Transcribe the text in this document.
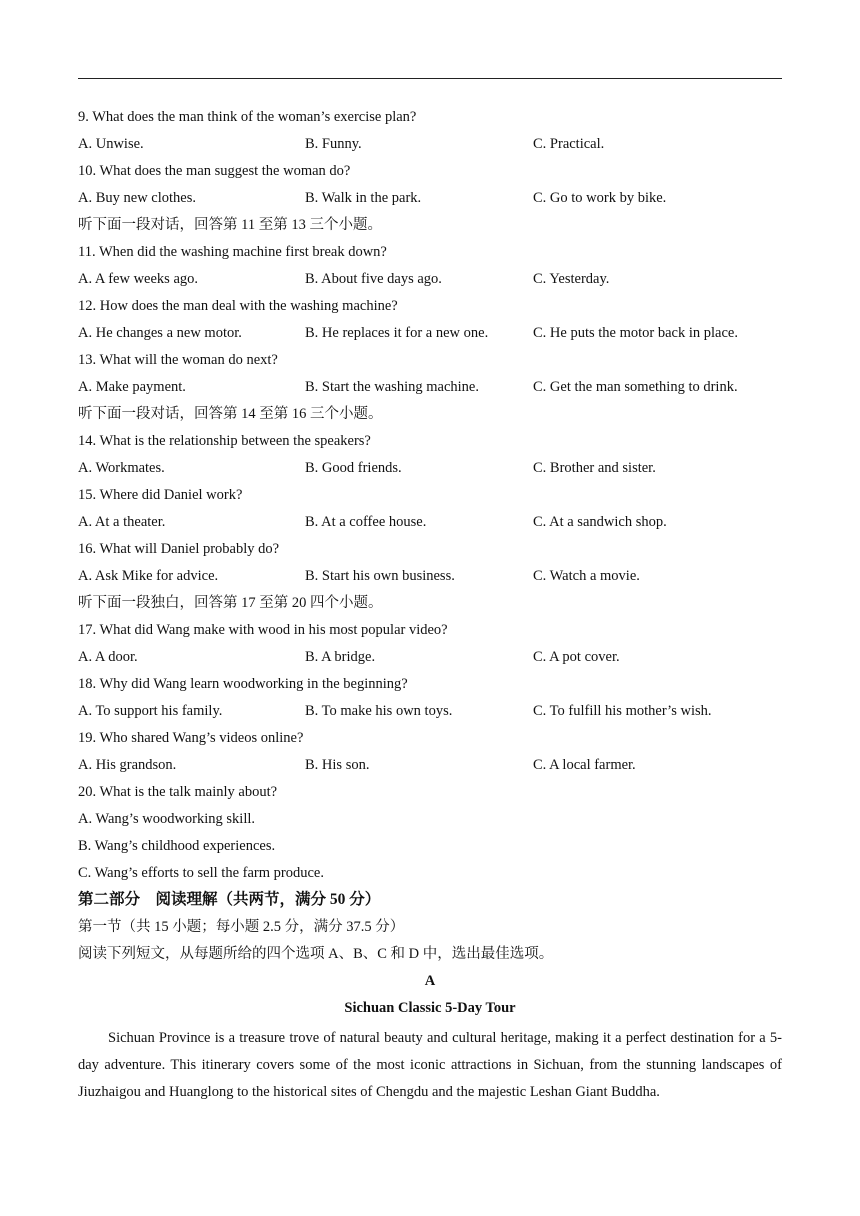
9. What does the man think of the woman’s exercise plan?
A. Unwise.	B. Funny.	C. Practical.
10. What does the man suggest the woman do?
A. Buy new clothes.	B. Walk in the park.	C. Go to work by bike.
听下面一段对话，回答第 11 至第 13 三个小题。
11. When did the washing machine first break down?
A. A few weeks ago.	B. About five days ago.	C. Yesterday.
12. How does the man deal with the washing machine?
A. He changes a new motor.	B. He replaces it for a new one.	C. He puts the motor back in place.
13. What will the woman do next?
A. Make payment.	B. Start the washing machine.	C. Get the man something to drink.
听下面一段对话，回答第 14 至第 16 三个小题。
14. What is the relationship between the speakers?
A. Workmates.	B. Good friends.	C. Brother and sister.
15. Where did Daniel work?
A. At a theater.	B. At a coffee house.	C. At a sandwich shop.
16. What will Daniel probably do?
A. Ask Mike for advice.	B. Start his own business.	C. Watch a movie.
听下面一段独白，回答第 17 至第 20 四个小题。
17. What did Wang make with wood in his most popular video?
A. A door.	B. A bridge.	C. A pot cover.
18. Why did Wang learn woodworking in the beginning?
A. To support his family.	B. To make his own toys.	C. To fulfill his mother’s wish.
19. Who shared Wang’s videos online?
A. His grandson.	B. His son.	C. A local farmer.
20. What is the talk mainly about?
A. Wang’s woodworking skill.
B. Wang’s childhood experiences.
C. Wang’s efforts to sell the farm produce.
第二部分　阅读理解（共两节，满分 50 分）
第一节（共 15 小题；每小题 2.5 分，满分 37.5 分）
阅读下列短文，从每题所给的四个选项 A、B、C 和 D 中，选出最佳选项。
A
Sichuan Classic 5-Day Tour

Sichuan Province is a treasure trove of natural beauty and cultural heritage, making it a perfect destination for a 5-day adventure. This itinerary covers some of the most iconic attractions in Sichuan, from the stunning landscapes of Jiuzhaigou and Huanglong to the historical sites of Chengdu and the majestic Leshan Giant Buddha.
